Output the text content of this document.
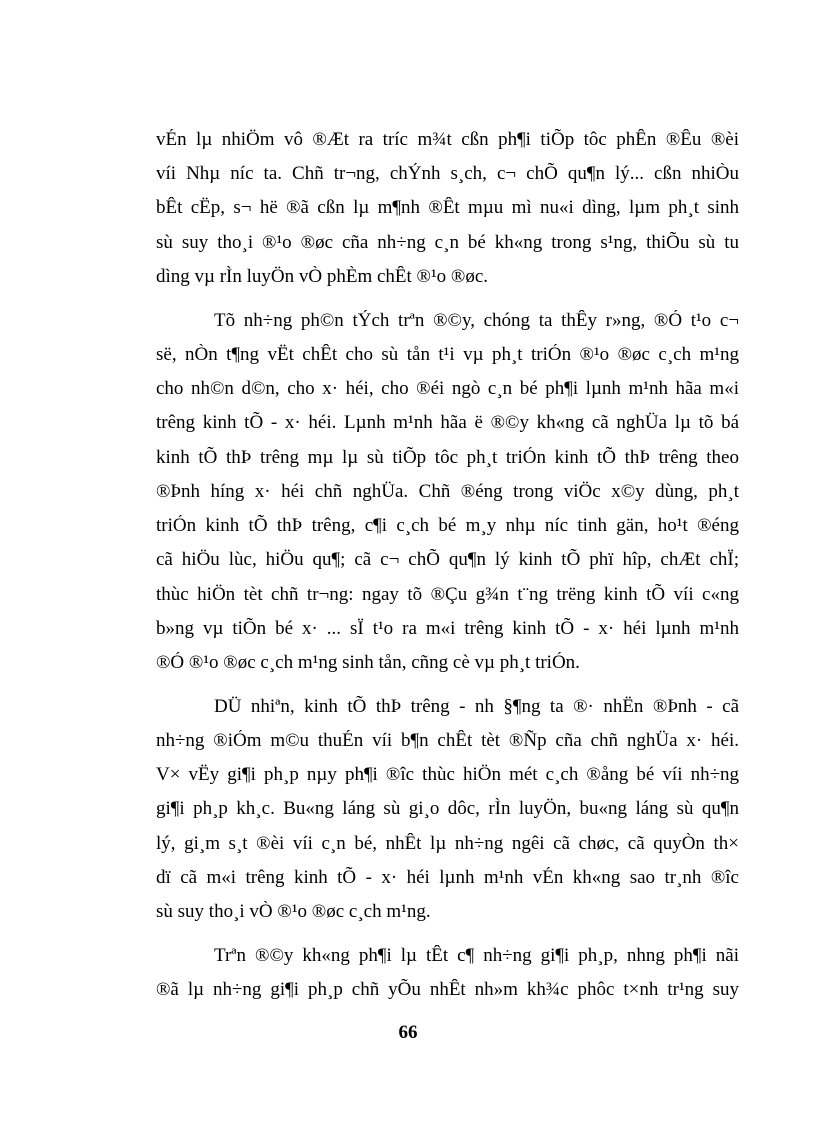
vÉn lµ nhiÖm vô ®Æt ra tríc m¾t cßn ph¶i tiÕp tôc phÊn ®Êu ®èi
víi Nhµ níc ta. Chñ tr¬ng, chÝnh s¸ch, c¬ chÕ qu¶n lý... cßn nhiÒu
bÊt cËp, s¬ hë ®ã cßn lµ m¶nh ®Êt mµu mì nu«i dìng, lµm ph¸t sinh
sù suy tho¸i ®¹o ®øc cña nh÷ng c¸n bé kh«ng trong s¹ng, thiÕu sù tu
dìng vµ rÌn luyÖn vÒ phÈm chÊt ®¹o ®øc.
Tõ nh÷ng ph©n tÝch trªn ®©y, chóng ta thÊy r»ng, ®Ó t¹o c¬
së, nÒn t¶ng vËt chÊt cho sù tån t¹i vµ ph¸t triÓn ®¹o ®øc c¸ch m¹ng
cho nh©n d©n, cho x· héi, cho ®éi ngò c¸n bé ph¶i lµnh m¹nh hãa m«i
trêng kinh tÕ - x· héi. Lµnh m¹nh hãa ë ®©y kh«ng cã nghÜa lµ tõ bá
kinh tÕ thÞ trêng mµ lµ sù tiÕp tôc ph¸t triÓn kinh tÕ thÞ trêng theo
®Þnh híng x· héi chñ nghÜa. Chñ ®éng trong viÖc x©y dùng, ph¸t
triÓn kinh tÕ thÞ trêng, c¶i c¸ch bé m¸y nhµ níc tinh gän, ho¹t ®éng
cã hiÖu lùc, hiÖu qu¶; cã c¬ chÕ qu¶n lý kinh tÕ phï hîp, chÆt chÏ;
thùc hiÖn tèt chñ tr¬ng: ngay tõ ®Çu g¾n t¨ng trëng kinh tÕ víi c«ng
b»ng vµ tiÕn bé x· ... sÏ t¹o ra m«i trêng kinh tÕ - x· héi lµnh m¹nh
®Ó ®¹o ®øc c¸ch m¹ng sinh tån, cñng cè vµ ph¸t triÓn.
DÜ nhiªn, kinh tÕ thÞ trêng - nh §¶ng ta ®· nhËn ®Þnh - cã
nh÷ng ®iÓm m©u thuÉn víi b¶n chÊt tèt ®Ñp cña chñ nghÜa x· héi.
V× vËy gi¶i ph¸p nµy ph¶i ®îc thùc hiÖn mét c¸ch ®ång bé víi nh÷ng
gi¶i ph¸p kh¸c. Bu«ng láng sù gi¸o dôc, rÌn luyÖn, bu«ng láng sù qu¶n
lý, gi¸m s¸t ®èi víi c¸n bé, nhÊt lµ nh÷ng ngêi cã chøc, cã quyÒn th×
dï cã m«i trêng kinh tÕ - x· héi lµnh m¹nh vÉn kh«ng sao tr¸nh ®îc
sù suy tho¸i vÒ ®¹o ®øc c¸ch m¹ng.
Trªn ®©y kh«ng ph¶i lµ tÊt c¶ nh÷ng gi¶i ph¸p, nhng ph¶i nãi
®ã lµ nh÷ng gi¶i ph¸p chñ yÕu nhÊt nh»m kh¾c phôc t×nh tr¹ng suy
66
